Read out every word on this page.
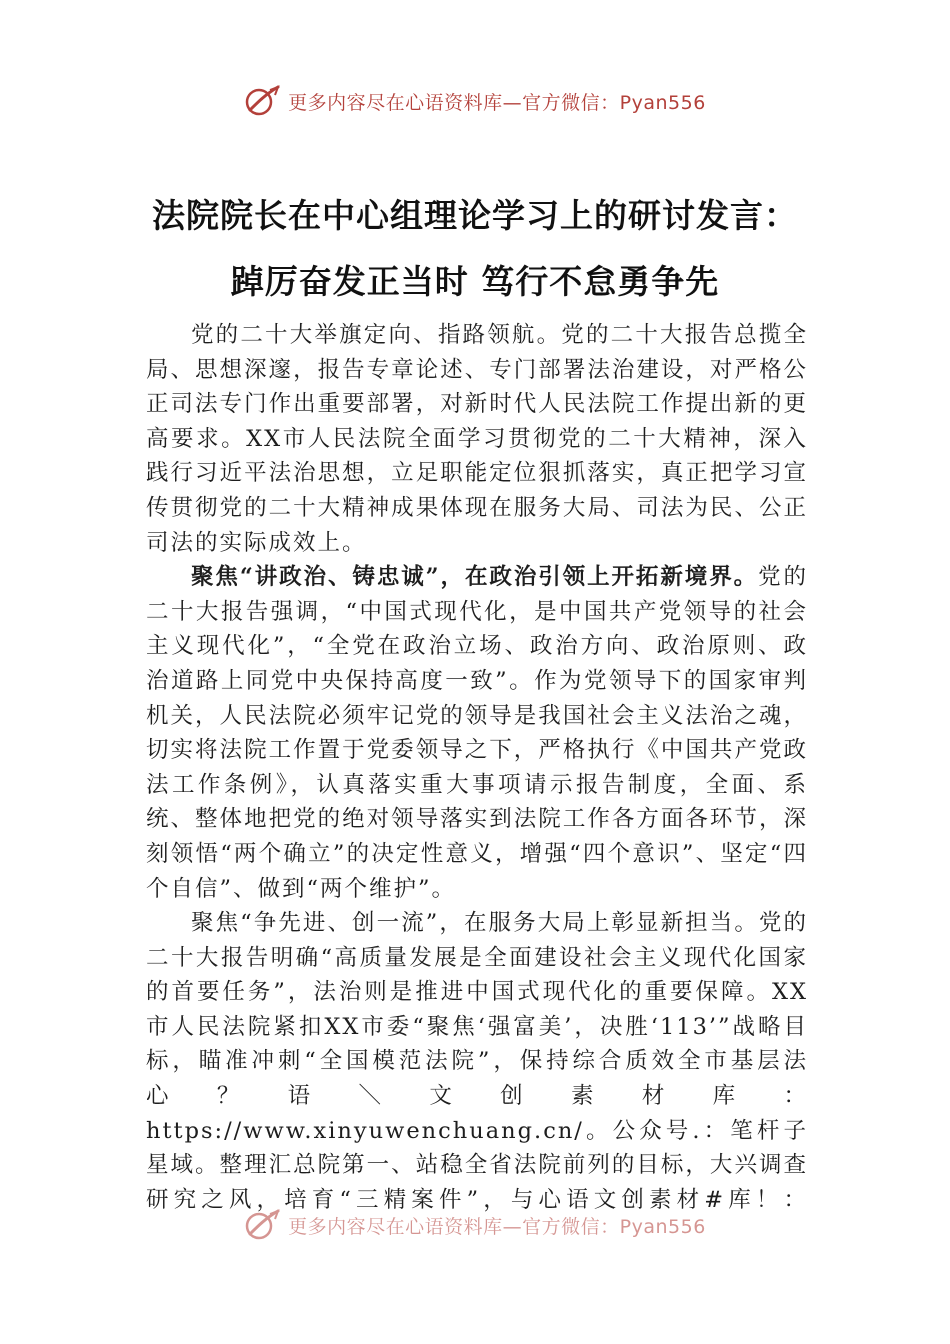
更多内容尽在心语资料库—官方微信：Pyan556
法院院长在中心组理论学习上的研讨发言：
踔厉奋发正当时 笃行不怠勇争先

党的二十大举旗定向、指路领航。党的二十大报告总揽全局、思想深邃，报告专章论述、专门部署法治建设，对严格公正司法专门作出重要部署，对新时代人民法院工作提出新的更高要求。XX市人民法院全面学习贯彻党的二十大精神，深入践行习近平法治思想，立足职能定位狠抓落实，真正把学习宣传贯彻党的二十大精神成果体现在服务大局、司法为民、公正司法的实际成效上。

聚焦“讲政治、铸忠诚”，在政治引领上开拓新境界。党的二十大报告强调，“中国式现代化，是中国共产党领导的社会主义现代化”，“全党在政治立场、政治方向、政治原则、政治道路上同党中央保持高度一致”。作为党领导下的国家审判机关，人民法院必须牢记党的领导是我国社会主义法治之魂，切实将法院工作置于党委领导之下，严格执行《中国共产党政法工作条例》，认真落实重大事项请示报告制度，全面、系统、整体地把党的绝对领导落实到法院工作各方面各环节，深刻领悟“两个确立”的决定性意义，增强“四个意识”、坚定“四个自信”、做到“两个维护”。

聚焦“争先进、创一流”，在服务大局上彰显新担当。党的二十大报告明确“高质量发展是全面建设社会主义现代化国家的首要任务”，法治则是推进中国式现代化的重要保障。XX市人民法院紧扣XX市委“聚焦‘强富美’，决胜‘113’”战略目标，瞄准冲刺“全国模范法院”，保持综合质效全市基层法心？语＼文创素材库：https://www.xinyuwenchuang.cn/。公众号.：笔杆子星域。整理汇总院第一、站稳全省法院前列的目标，大兴调查研究之风，培育“三精案件”，与心语文创素材#库！：

更多内容尽在心语资料库—官方微信：Pyan556
